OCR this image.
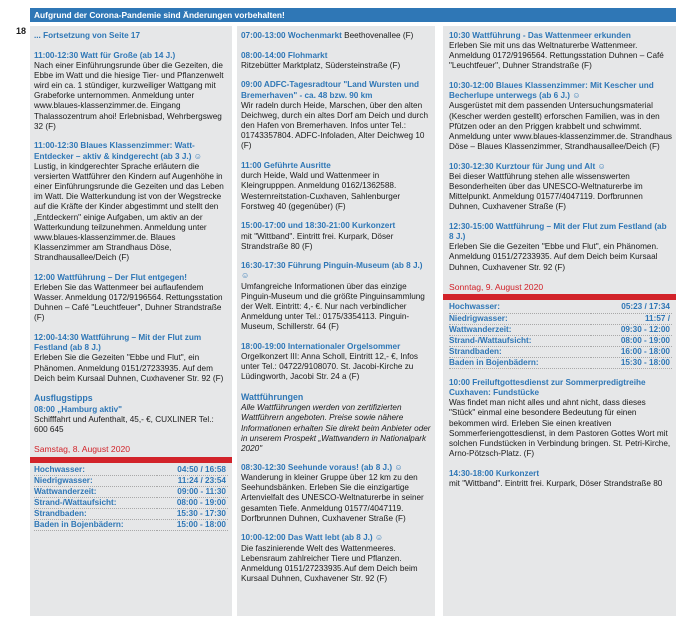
Aufgrund der Corona-Pandemie sind Änderungen vorbehalten!
18 ... Fortsetzung von Seite 17
11:00-12:30 Watt für Große (ab 14 J.)
Nach einer Einführungsrunde über die Gezeiten, die Ebbe im Watt und die hiesige Tier- und Pflanzenwelt wird ein ca. 1 stündiger, kurzweiliger Wattgang mit Grabeforke unternommen. Anmeldung unter www.blaues-klassenzimmer.de. Eingang Thalassozentrum ahoi! Erlebnisbad, Wehrbergsweg 32 (F)
11:00-12:30 Blaues Klassenzimmer: Watt-Entdecker – aktiv & kindgerecht (ab 3 J.) ☺
Lustig, in kindgerechter Sprache erläutern die versierten Wattführer den Kindern auf Augenhöhe in einer Einführungsrunde die Gezeiten und das Leben im Watt. Die Watterkundung ist von der Wegstrecke auf die Kräfte der Kinder abgestimmt und stellt den „Entdeckern" einige Aufgaben, um aktiv an der Watterkundung teilzunehmen. Anmeldung unter www.blaues-klassenzimmer.de. Blaues Klassenzimmer am Strandhaus Döse, Strandhausallee/Deich (F)
12:00 Wattführung – Der Flut entgegen!
Erleben Sie das Wattenmeer bei auflaufendem Wasser. Anmeldung 0172/9196564. Rettungsstation Duhnen – Café "Leuchtfeuer", Duhner Strandstraße (F)
12:00-14:30 Wattführung – Mit der Flut zum Festland (ab 8 J.)
Erleben Sie die Gezeiten "Ebbe und Flut", ein Phänomen. Anmeldung 0151/27233935. Auf dem Deich beim Kursaal Duhnen, Cuxhavener Str. 92 (F)
Ausflugstipps
08:00 „Hamburg aktiv"
Schifffahrt und Aufenthalt, 45,- €, CUXLINER Tel.: 600 645
Samstag, 8. August 2020
Hochwasser:	04:50 / 16:58
Niedrigwasser:	11:24 / 23:54
Wattwanderzeit:	09:00 - 11:30
Strand-/Wattaufsicht:	08:00 - 19:00
Strandbaden:	15:30 - 17:30
Baden in Bojenbädern:	15:00 - 18:00
07:00-13:00 Wochenmarkt Beethovenallee (F)
08:00-14:00 Flohmarkt
Ritzebütter Marktplatz, Südersteinstraße (F)
09:00 ADFC-Tagesradtour "Land Wursten und Bremerhaven" - ca. 48 bzw. 90 km
Wir radeln durch Heide, Marschen, über den alten Deichweg, durch ein altes Dorf am Deich und durch den Hafen von Bremerhaven. Infos unter Tel.: 01743357804. ADFC-Infoladen, Alter Deichweg 10 (F)
11:00 Geführte Ausritte
durch Heide, Wald und Wattenmeer in Kleingrupppen. Anmeldung 0162/1362588. Westernreitstation-Cuxhaven, Sahlenburger Forstweg 40 (gegenüber) (F)
15:00-17:00 und 18:30-21:00 Kurkonzert
mit "Wittband". Eintritt frei. Kurpark, Döser Strandstraße 80 (F)
16:30-17:30 Führung Pinguin-Museum (ab 8 J.) ☺
Umfangreiche Informationen über das einzige Pinguin-Museum und die größte Pinguinsammlung der Welt. Eintritt: 4,- €. Nur nach verbindlicher Anmeldung unter Tel.: 0175/3354113. Pinguin-Museum, Schillerstr. 64 (F)
18:00-19:00 Internationaler Orgelsommer
Orgelkonzert III: Anna Scholl, Eintritt 12,- €, Infos unter Tel.: 04722/9108070. St. Jacobi-Kirche zu Lüdingworth, Jacobi Str. 24 a (F)
Wattführungen
Alle Wattführungen werden von zertifizierten Wattführern angeboten. Preise sowie nähere Informationen erhalten Sie direkt beim Anbieter oder in unserem Prospekt „Wattwandern in Nationalpark 2020"
08:30-12:30 Seehunde voraus! (ab 8 J.) ☺
Wanderung in kleiner Gruppe über 12 km zu den Seehundsbänken. Erleben Sie die einzigartige Artenvielfalt des UNESCO-Weltnaturerbe in seiner gesamten Tiefe. Anmeldung 01577/4047119. Dorfbrunnen Duhnen, Cuxhavener Straße (F)
10:00-12:00 Das Watt lebt (ab 8 J.) ☺
Die faszinierende Welt des Wattenmeeres. Lebensraum zahlreicher Tiere und Pflanzen. Anmeldung 0151/27233935.Auf dem Deich beim Kursaal Duhnen, Cuxhavener Str. 92 (F)
10:30 Wattführung - Das Wattenmeer erkunden
Erleben Sie mit uns das Weltnaturerbe Wattenmeer. Anmeldung 0172/9196564. Rettungsstation Duhnen – Café "Leuchtfeuer", Duhner Strandstraße (F)
10:30-12:00 Blaues Klassenzimmer: Mit Kescher und Becherlupe unterwegs (ab 6 J.) ☺
Ausgerüstet mit dem passenden Untersuchungsmaterial (Kescher werden gestellt) erforschen Familien, was in den Pfützen oder an den Priggen krabbelt und schwimmt. Anmeldung unter www.blaues-klassenzimmer.de. Strandhaus Döse – Blaues Klassenzimmer, Strandhausallee/Deich (F)
10:30-12:30 Kurztour für Jung und Alt ☺
Bei dieser Wattführung stehen alle wissenswerten Besonderheiten über das UNESCO-Weltnaturerbe im Mittelpunkt. Anmeldung 01577/4047119. Dorfbrunnen Duhnen, Cuxhavener Straße (F)
12:30-15:00 Wattführung – Mit der Flut zum Festland (ab 8 J.)
Erleben Sie die Gezeiten "Ebbe und Flut", ein Phänomen. Anmeldung 0151/27233935. Auf dem Deich beim Kursaal Duhnen, Cuxhavener Str. 92 (F)
Sonntag, 9. August 2020
Hochwasser:	05:23 / 17:34
Niedrigwasser:	11:57 /
Wattwanderzeit:	09:30 - 12:00
Strand-/Wattaufsicht:	08:00 - 19:00
Strandbaden:	16:00 - 18:00
Baden in Bojenbädern:	15:30 - 18:00
10:00 Freiluftgottesdienst zur Sommerpredigtreihe Cuxhaven: Fundstücke
Was findet man nicht alles und ahnt nicht, dass dieses "Stück" einmal eine besondere Bedeutung für einen bekommen wird. Erleben Sie einen kreativen Sommerferiengottesdienst, in dem Pastoren Gottes Wort mit solchen Fundstücken in Verbindung bringen. St. Petri-Kirche, Arno-Pötzsch-Platz. (F)
14:30-18:00 Kurkonzert
mit "Wittband". Eintritt frei. Kurpark, Döser Strandstraße 80
